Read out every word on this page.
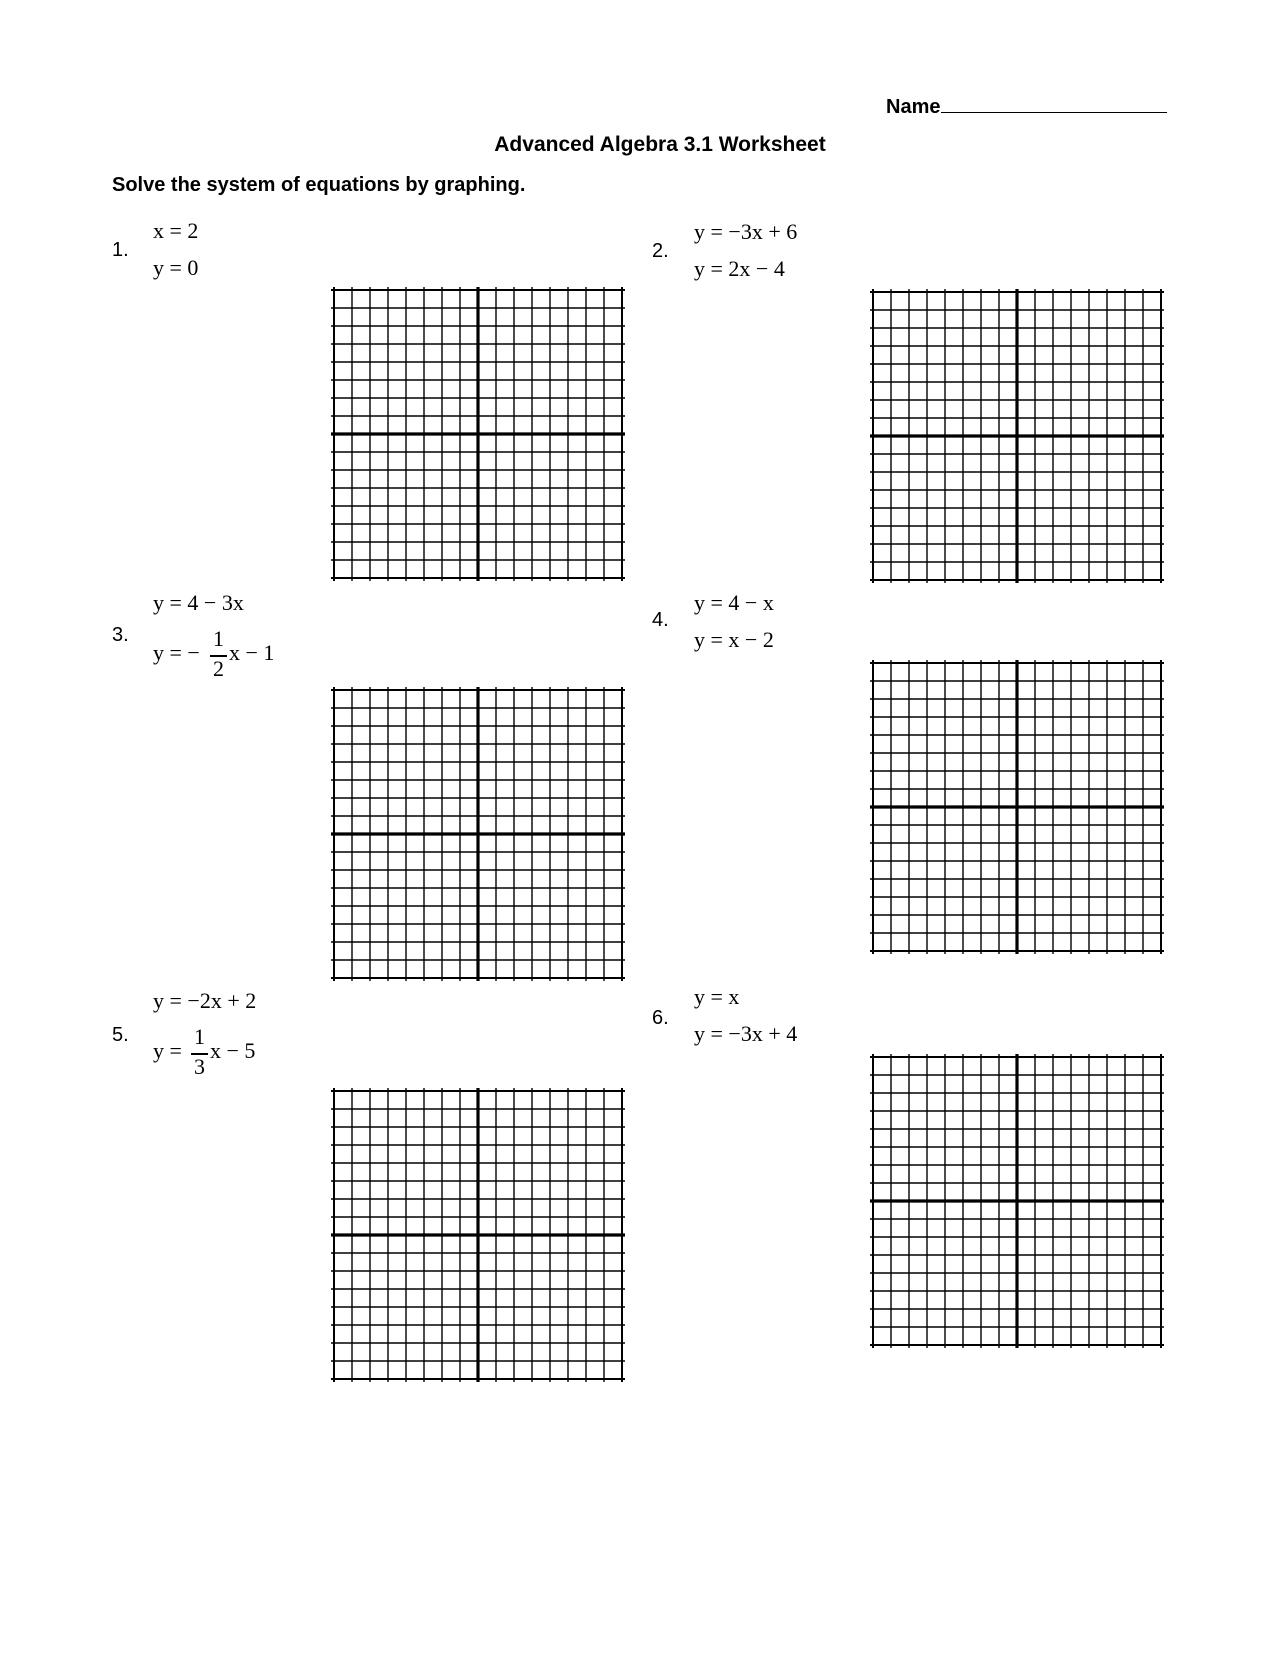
Name
Advanced Algebra 3.1 Worksheet
Solve the system of equations by graphing.
1.
x = 2
y = 0
2.
y = −3x + 6
y = 2x − 4
3.
y = 4 − 3x
y = −
1
2
x − 1
4.
y = 4 − x
y = x − 2
5.
y = −2x + 2
y =
1
3
x − 5
6.
y = x
y = −3x + 4
